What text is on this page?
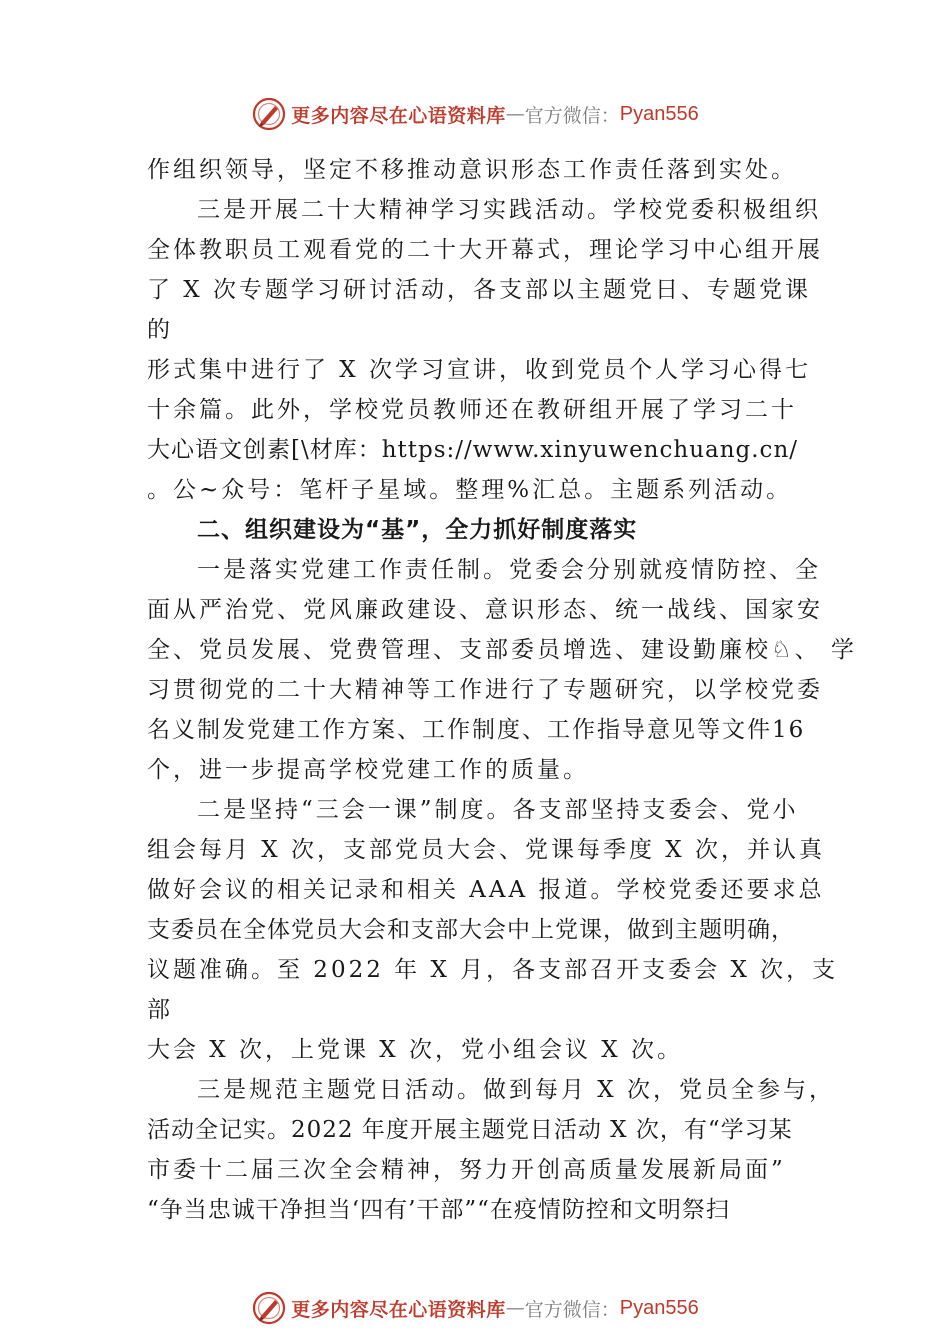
更多内容尽在心语资料库 — 官方微信： Pyan556
作组织领导，坚定不移推动意识形态工作责任落到实处。
三是开展二十大精神学习实践活动。学校党委积极组织
全体教职员工观看党的二十大开幕式，理论学习中心组开展
了 X 次专题学习研讨活动，各支部以主题党日、专题党课
的
形式集中进行了 X 次学习宣讲，收到党员个人学习心得七
十余篇。此外，学校党员教师还在教研组开展了学习二十
大心语文创素[\材库：https://www.xinyuwenchuang.cn/
。公~众号：笔杆子星域。整理%汇总。主题系列活动。
二、组织建设为“基”，全力抓好制度落实
一是落实党建工作责任制。党委会分别就疫情防控、全
面从严治党、党风廉政建设、意识形态、统一战线、国家安
全、党员发展、党费管理、支部委员增选、建设勤廉校♘、 学
习贯彻党的二十大精神等工作进行了专题研究，以学校党委
名义制发党建工作方案、工作制度、工作指导意见等文件16
个，进一步提高学校党建工作的质量。
二是坚持“三会一课”制度。各支部坚持支委会、党小
组会每月 X 次，支部党员大会、党课每季度 X 次，并认真
做好会议的相关记录和相关 AAA 报道。学校党委还要求总
支委员在全体党员大会和支部大会中上党课，做到主题明确，
议题准确。至 2022 年 X 月，各支部召开支委会 X 次，支
部
大会 X 次，上党课 X 次，党小组会议 X 次。
三是规范主题党日活动。做到每月 X 次，党员全参与，
活动全记实。2022 年度开展主题党日活动 X 次，有“学习某
市委十二届三次全会精神，努力开创高质量发展新局面”
“争当忠诚干净担当‘四有’干部”“在疫情防控和文明祭扫
更多内容尽在心语资料库 — 官方微信： Pyan556
